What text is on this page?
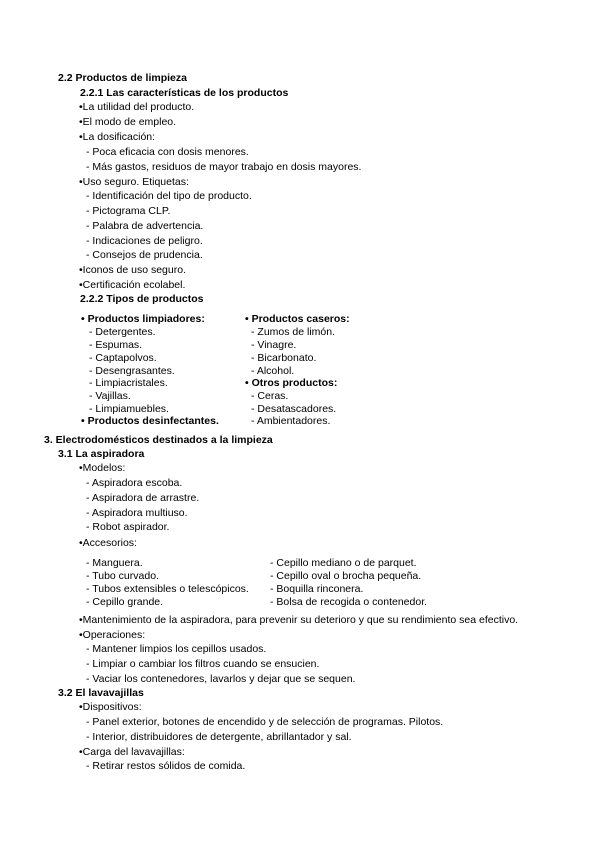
2.2 Productos de limpieza
2.2.1 Las características de los productos
•La utilidad del producto.
•El modo de empleo.
•La dosificación:
- Poca eficacia con dosis menores.
- Más gastos, residuos de mayor trabajo en dosis mayores.
•Uso seguro. Etiquetas:
- Identificación del tipo de producto.
- Pictograma CLP.
- Palabra de advertencia.
- Indicaciones de peligro.
- Consejos de prudencia.
•Iconos de uso seguro.
•Certificación ecolabel.
2.2.2 Tipos de productos
• Productos limpiadores:
- Detergentes.
- Espumas.
- Captapolvos.
- Desengrasantes.
- Limpiacristales.
- Vajillas.
- Limpiamuebles.
• Productos desinfectantes.
• Productos caseros:
- Zumos de limón.
- Vinagre.
- Bicarbonato.
- Alcohol.
• Otros productos:
- Ceras.
- Desatascadores.
- Ambientadores.
3. Electrodomésticos destinados a la limpieza
3.1 La aspiradora
•Modelos:
- Aspiradora escoba.
- Aspiradora de arrastre.
- Aspiradora multiuso.
- Robot aspirador.
•Accesorios:
- Manguera.
- Tubo curvado.
- Tubos extensibles o telescópicos.
- Cepillo grande.
- Cepillo mediano o de parquet.
- Cepillo oval o brocha pequeña.
- Boquilla rinconera.
- Bolsa de recogida o contenedor.
•Mantenimiento de la aspiradora, para prevenir su deterioro y que su rendimiento sea efectivo.
•Operaciones:
- Mantener limpios los cepillos usados.
- Limpiar o cambiar los filtros cuando se ensucien.
- Vaciar los contenedores, lavarlos y dejar que se sequen.
3.2 El lavavajillas
•Dispositivos:
- Panel exterior, botones de encendido y de selección de programas. Pilotos.
- Interior, distribuidores de detergente, abrillantador y sal.
•Carga del lavavajillas:
- Retirar restos sólidos de comida.
